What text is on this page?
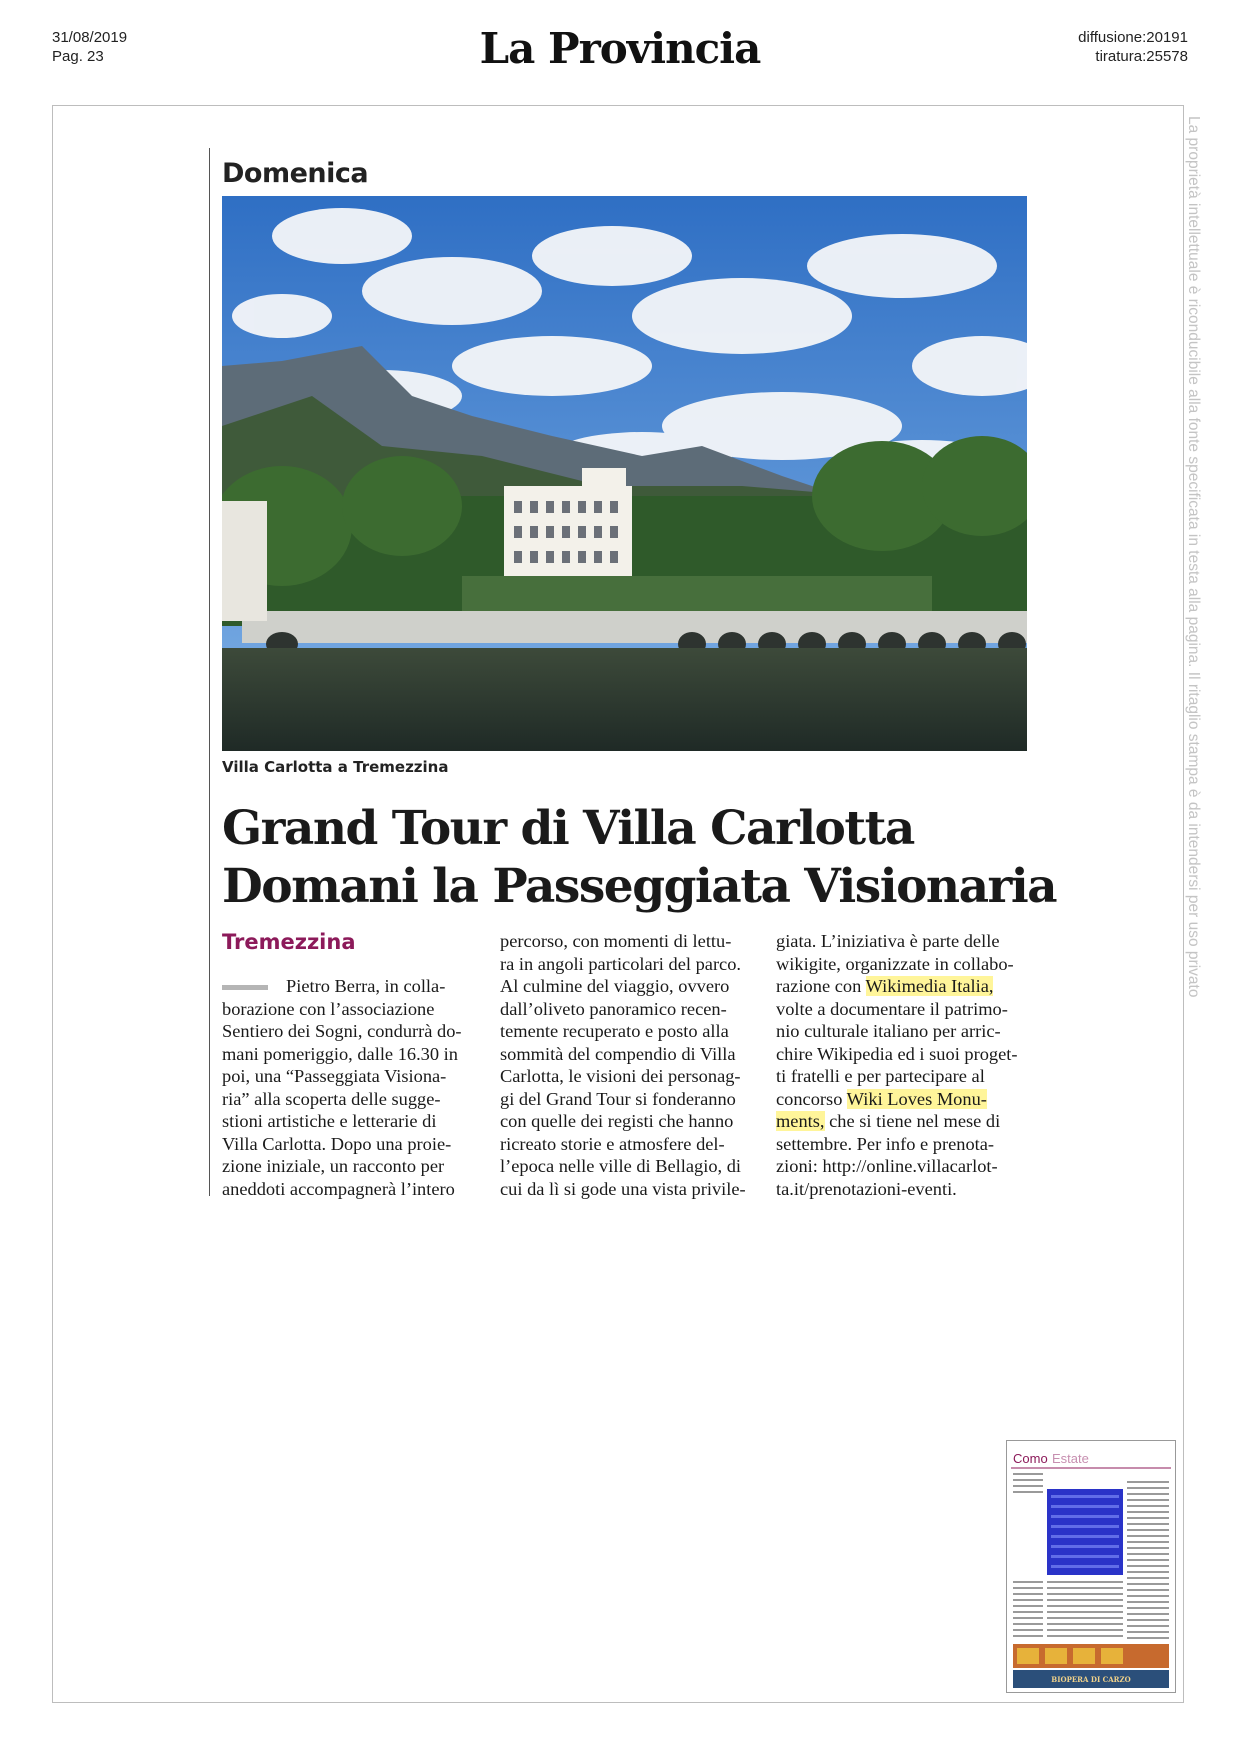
31/08/2019
Pag. 23	La Provincia	diffusione:20191
tiratura:25578
La proprietà intellettuale è riconducibile alla fonte specificata in testa alla pagina. Il ritaglio stampa è da intendersi per uso privato
Domenica
Villa Carlotta a Tremezzina
Grand Tour di Villa Carlotta
Domani la Passeggiata Visionaria
Tremezzina
Pietro Berra, in colla-
borazione con l’associazione
Sentiero dei Sogni, condurrà do-
mani pomeriggio, dalle 16.30 in
poi, una “Passeggiata Visiona-
ria” alla scoperta delle sugge-
stioni artistiche e letterarie di
Villa Carlotta. Dopo una proie-
zione iniziale, un racconto per
aneddoti accompagnerà l’intero
percorso, con momenti di lettu-
ra in angoli particolari del parco.
Al culmine del viaggio, ovvero
dall’oliveto panoramico recen-
temente recuperato e posto alla
sommità del compendio di Villa
Carlotta, le visioni dei personag-
gi del Grand Tour si fonderanno
con quelle dei registi che hanno
ricreato storie e atmosfere del-
l’epoca nelle ville di Bellagio, di
cui da lì si gode una vista privile-
giata. L’iniziativa è parte delle
wikigite, organizzate in collabo-
razione con Wikimedia Italia,
volte a documentare il patrimo-
nio culturale italiano per arric-
chire Wikipedia ed i suoi proget-
ti fratelli e per partecipare al
concorso Wiki Loves Monu-
ments, che si tiene nel mese di
settembre. Per info e prenota-
zioni: http://online.villacarlot-
ta.it/prenotazioni-eventi.
Como Estate
BIOPERA DI CARZO
